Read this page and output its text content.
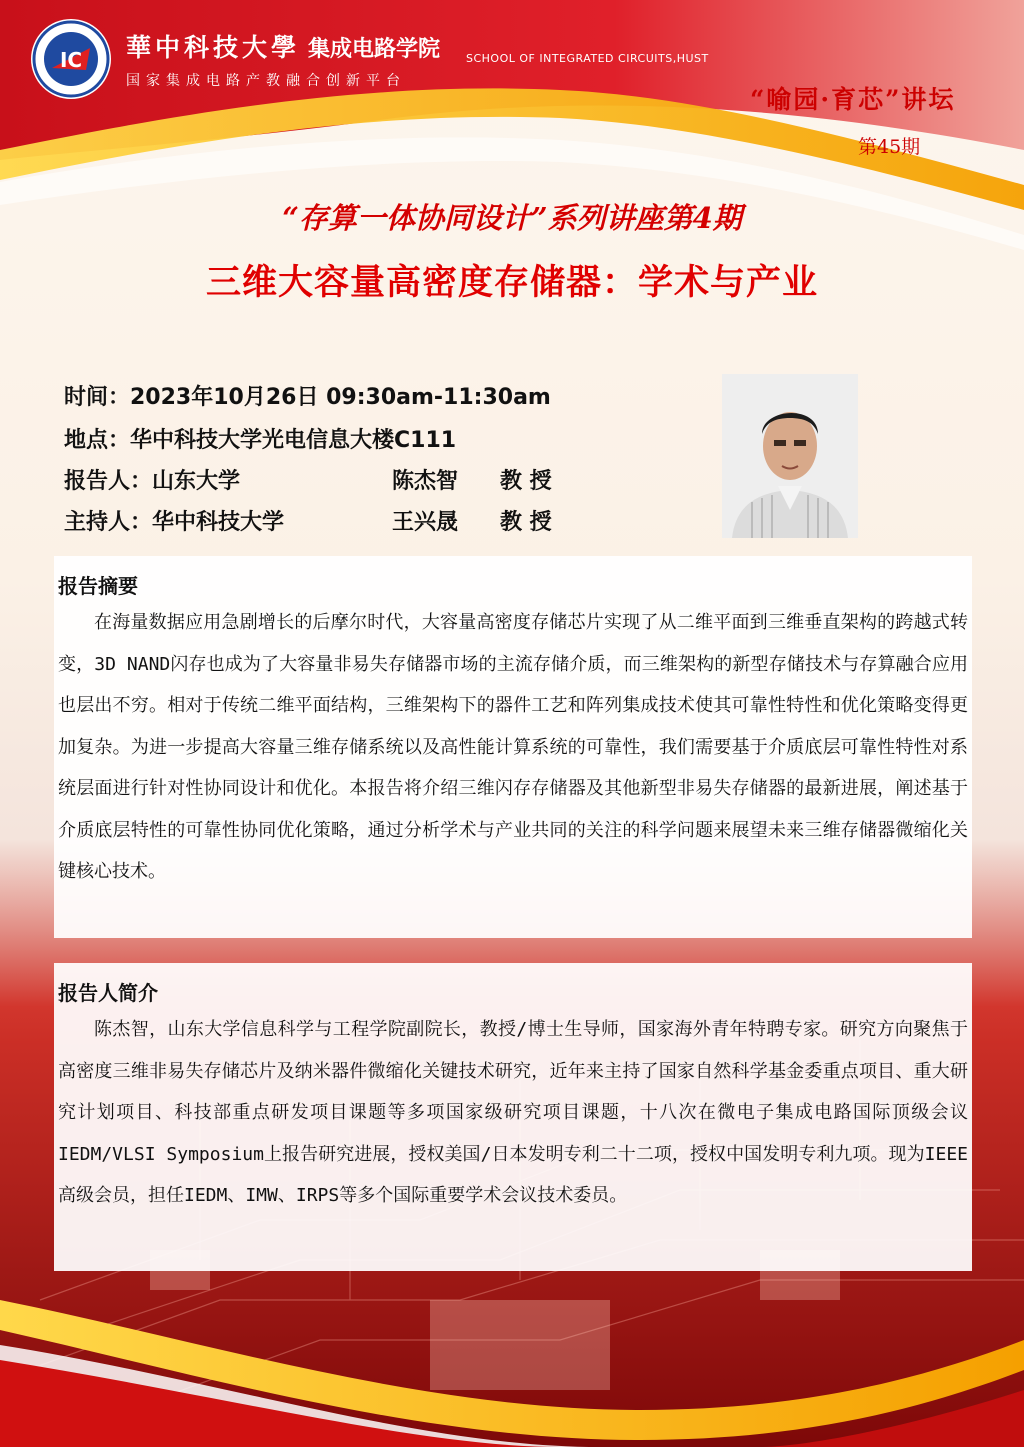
IC 華中科技大學 集成电路学院 SCHOOL OF INTEGRATED CIRCUITS,HUST
国家集成电路产教融合创新平台
“喻园·育芯”讲坛
第45期
“存算一体协同设计”系列讲座第4期
三维大容量高密度存储器：学术与产业
时间：2023年10月26日 09:30am-11:30am
地点：华中科技大学光电信息大楼C111
报告人：山东大学	陈杰智 教 授
主持人：华中科技大学	王兴晟 教 授
报告摘要
在海量数据应用急剧增长的后摩尔时代，大容量高密度存储芯片实现了从二维平面到三维垂直架构的跨越式转变，3D NAND闪存也成为了大容量非易失存储器市场的主流存储介质，而三维架构的新型存储技术与存算融合应用也层出不穷。相对于传统二维平面结构，三维架构下的器件工艺和阵列集成技术使其可靠性特性和优化策略变得更加复杂。为进一步提高大容量三维存储系统以及高性能计算系统的可靠性，我们需要基于介质底层可靠性特性对系统层面进行针对性协同设计和优化。本报告将介绍三维闪存存储器及其他新型非易失存储器的最新进展，阐述基于介质底层特性的可靠性协同优化策略，通过分析学术与产业共同的关注的科学问题来展望未来三维存储器微缩化关键核心技术。
报告人简介
陈杰智，山东大学信息科学与工程学院副院长，教授/博士生导师，国家海外青年特聘专家。研究方向聚焦于高密度三维非易失存储芯片及纳米器件微缩化关键技术研究，近年来主持了国家自然科学基金委重点项目、重大研究计划项目、科技部重点研发项目课题等多项国家级研究项目课题，十八次在微电子集成电路国际顶级会议IEDM/VLSI Symposium上报告研究进展，授权美国/日本发明专利二十二项，授权中国发明专利九项。现为IEEE高级会员，担任IEDM、IMW、IRPS等多个国际重要学术会议技术委员。
